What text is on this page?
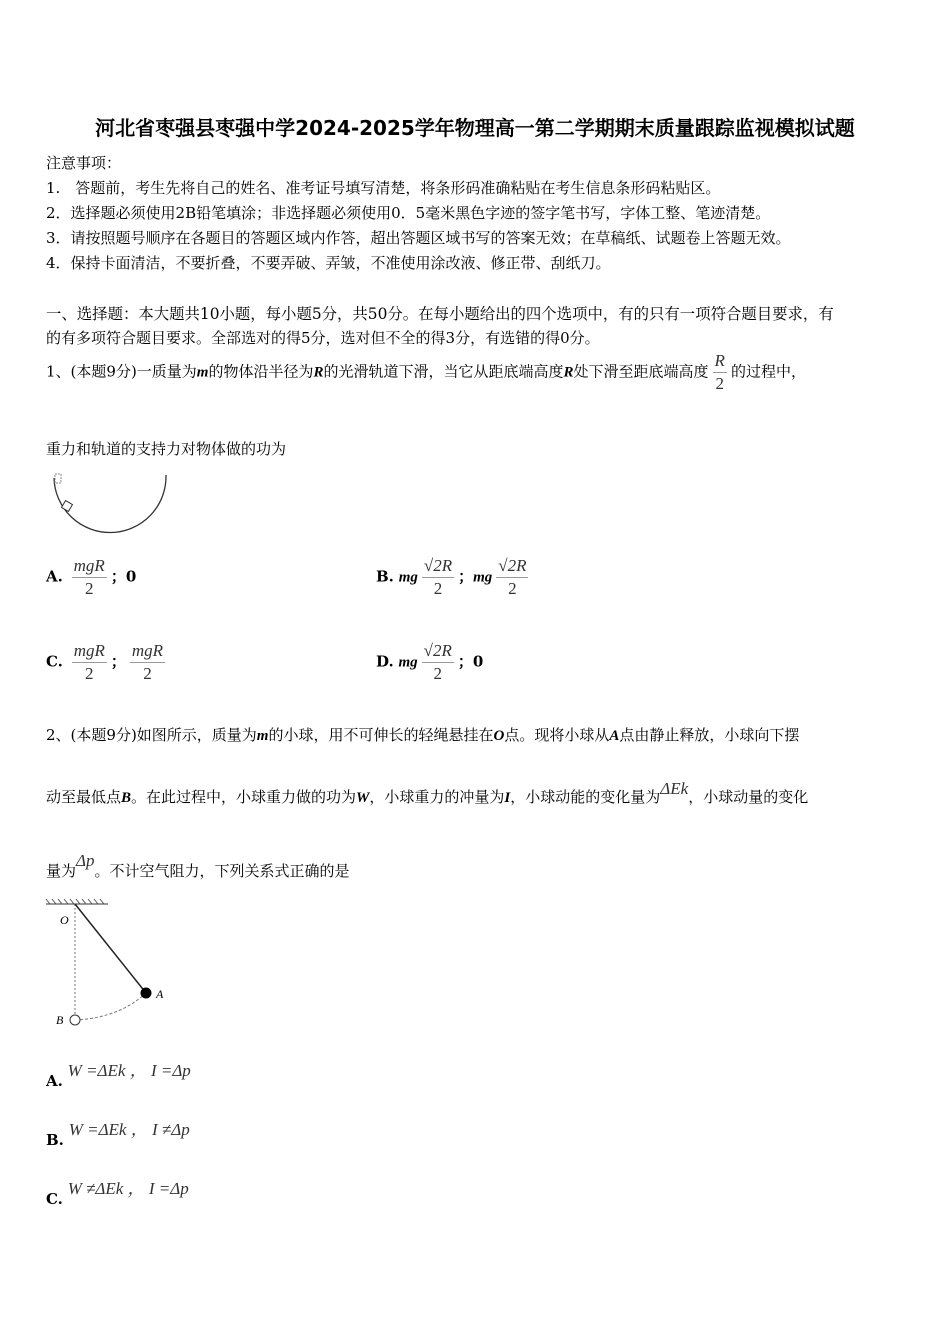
河北省枣强县枣强中学2024-2025学年物理高一第二学期期末质量跟踪监视模拟试题
注意事项：
1.　答题前，考生先将自己的姓名、准考证号填写清楚，将条形码准确粘贴在考生信息条形码粘贴区。
2．选择题必须使用2B铅笔填涂；非选择题必须使用0．5毫米黑色字迹的签字笔书写，字体工整、笔迹清楚。
3．请按照题号顺序在各题目的答题区域内作答，超出答题区域书写的答案无效；在草稿纸、试题卷上答题无效。
4．保持卡面清洁，不要折叠，不要弄破、弄皱，不准使用涂改液、修正带、刮纸刀。
一、选择题：本大题共10小题，每小题5分，共50分。在每小题给出的四个选项中，有的只有一项符合题目要求，有
的有多项符合题目要求。全部选对的得5分，选对但不全的得3分，有选错的得0分。
1、(本题9分)一质量为m的物体沿半径为R的光滑轨道下滑，当它从距底端高度R处下滑至距底端高度 $\frac{R}{2}$ 的过程中，
重力和轨道的支持力对物体做的功为
A. $\frac{\text{mgR}}{2}$ ；0	B. mg $\frac{√2R}{2}$ ；mg $\frac{√2R}{2}$
C. $\frac{\text{mgR}}{2}$ ； $\frac{\text{mgR}}{2}$	D. mg $\frac{√2R}{2}$ ；0
2、(本题9分)如图所示，质量为m的小球，用不可伸长的轻绳悬挂在O点。现将小球从A点由静止释放，小球向下摆
动至最低点B。在此过程中，小球重力做的功为W，小球重力的冲量为I，小球动能的变化量为ΔEk，小球动量的变化
量为Δp。不计空气阻力，下列关系式正确的是
O
A
B
A. W =ΔEk ， I =Δp
B. W =ΔEk ， I ≠Δp
C. W ≠ΔEk ， I =Δp
